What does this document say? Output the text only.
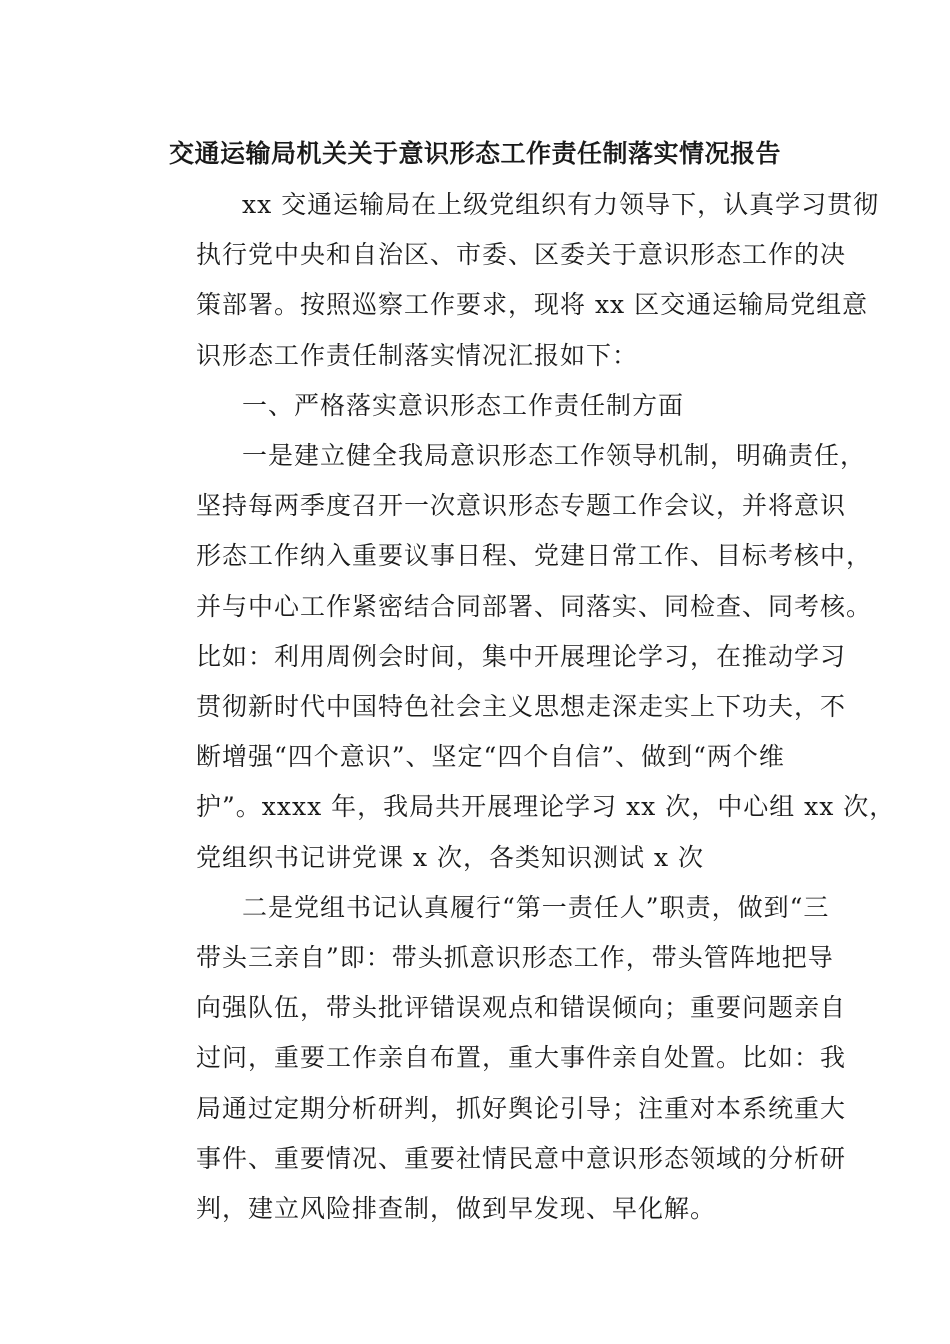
交通运输局机关关于意识形态工作责任制落实情况报告
xx 交通运输局在上级党组织有力领导下，认真学习贯彻
执行党中央和自治区、市委、区委关于意识形态工作的决
策部署。按照巡察工作要求，现将 xx 区交通运输局党组意
识形态工作责任制落实情况汇报如下：
一、严格落实意识形态工作责任制方面
一是建立健全我局意识形态工作领导机制，明确责任，
坚持每两季度召开一次意识形态专题工作会议，并将意识
形态工作纳入重要议事日程、党建日常工作、目标考核中，
并与中心工作紧密结合同部署、同落实、同检查、同考核。
比如：利用周例会时间，集中开展理论学习，在推动学习
贯彻新时代中国特色社会主义思想走深走实上下功夫，不
断增强“四个意识”、坚定“四个自信”、做到“两个维
护”。xxxx 年，我局共开展理论学习 xx 次，中心组 xx 次，
党组织书记讲党课 x 次，各类知识测试 x 次
二是党组书记认真履行“第一责任人”职责，做到“三
带头三亲自”即：带头抓意识形态工作，带头管阵地把导
向强队伍，带头批评错误观点和错误倾向；重要问题亲自
过问，重要工作亲自布置，重大事件亲自处置。比如：我
局通过定期分析研判，抓好舆论引导；注重对本系统重大
事件、重要情况、重要社情民意中意识形态领域的分析研
判，建立风险排查制，做到早发现、早化解。
